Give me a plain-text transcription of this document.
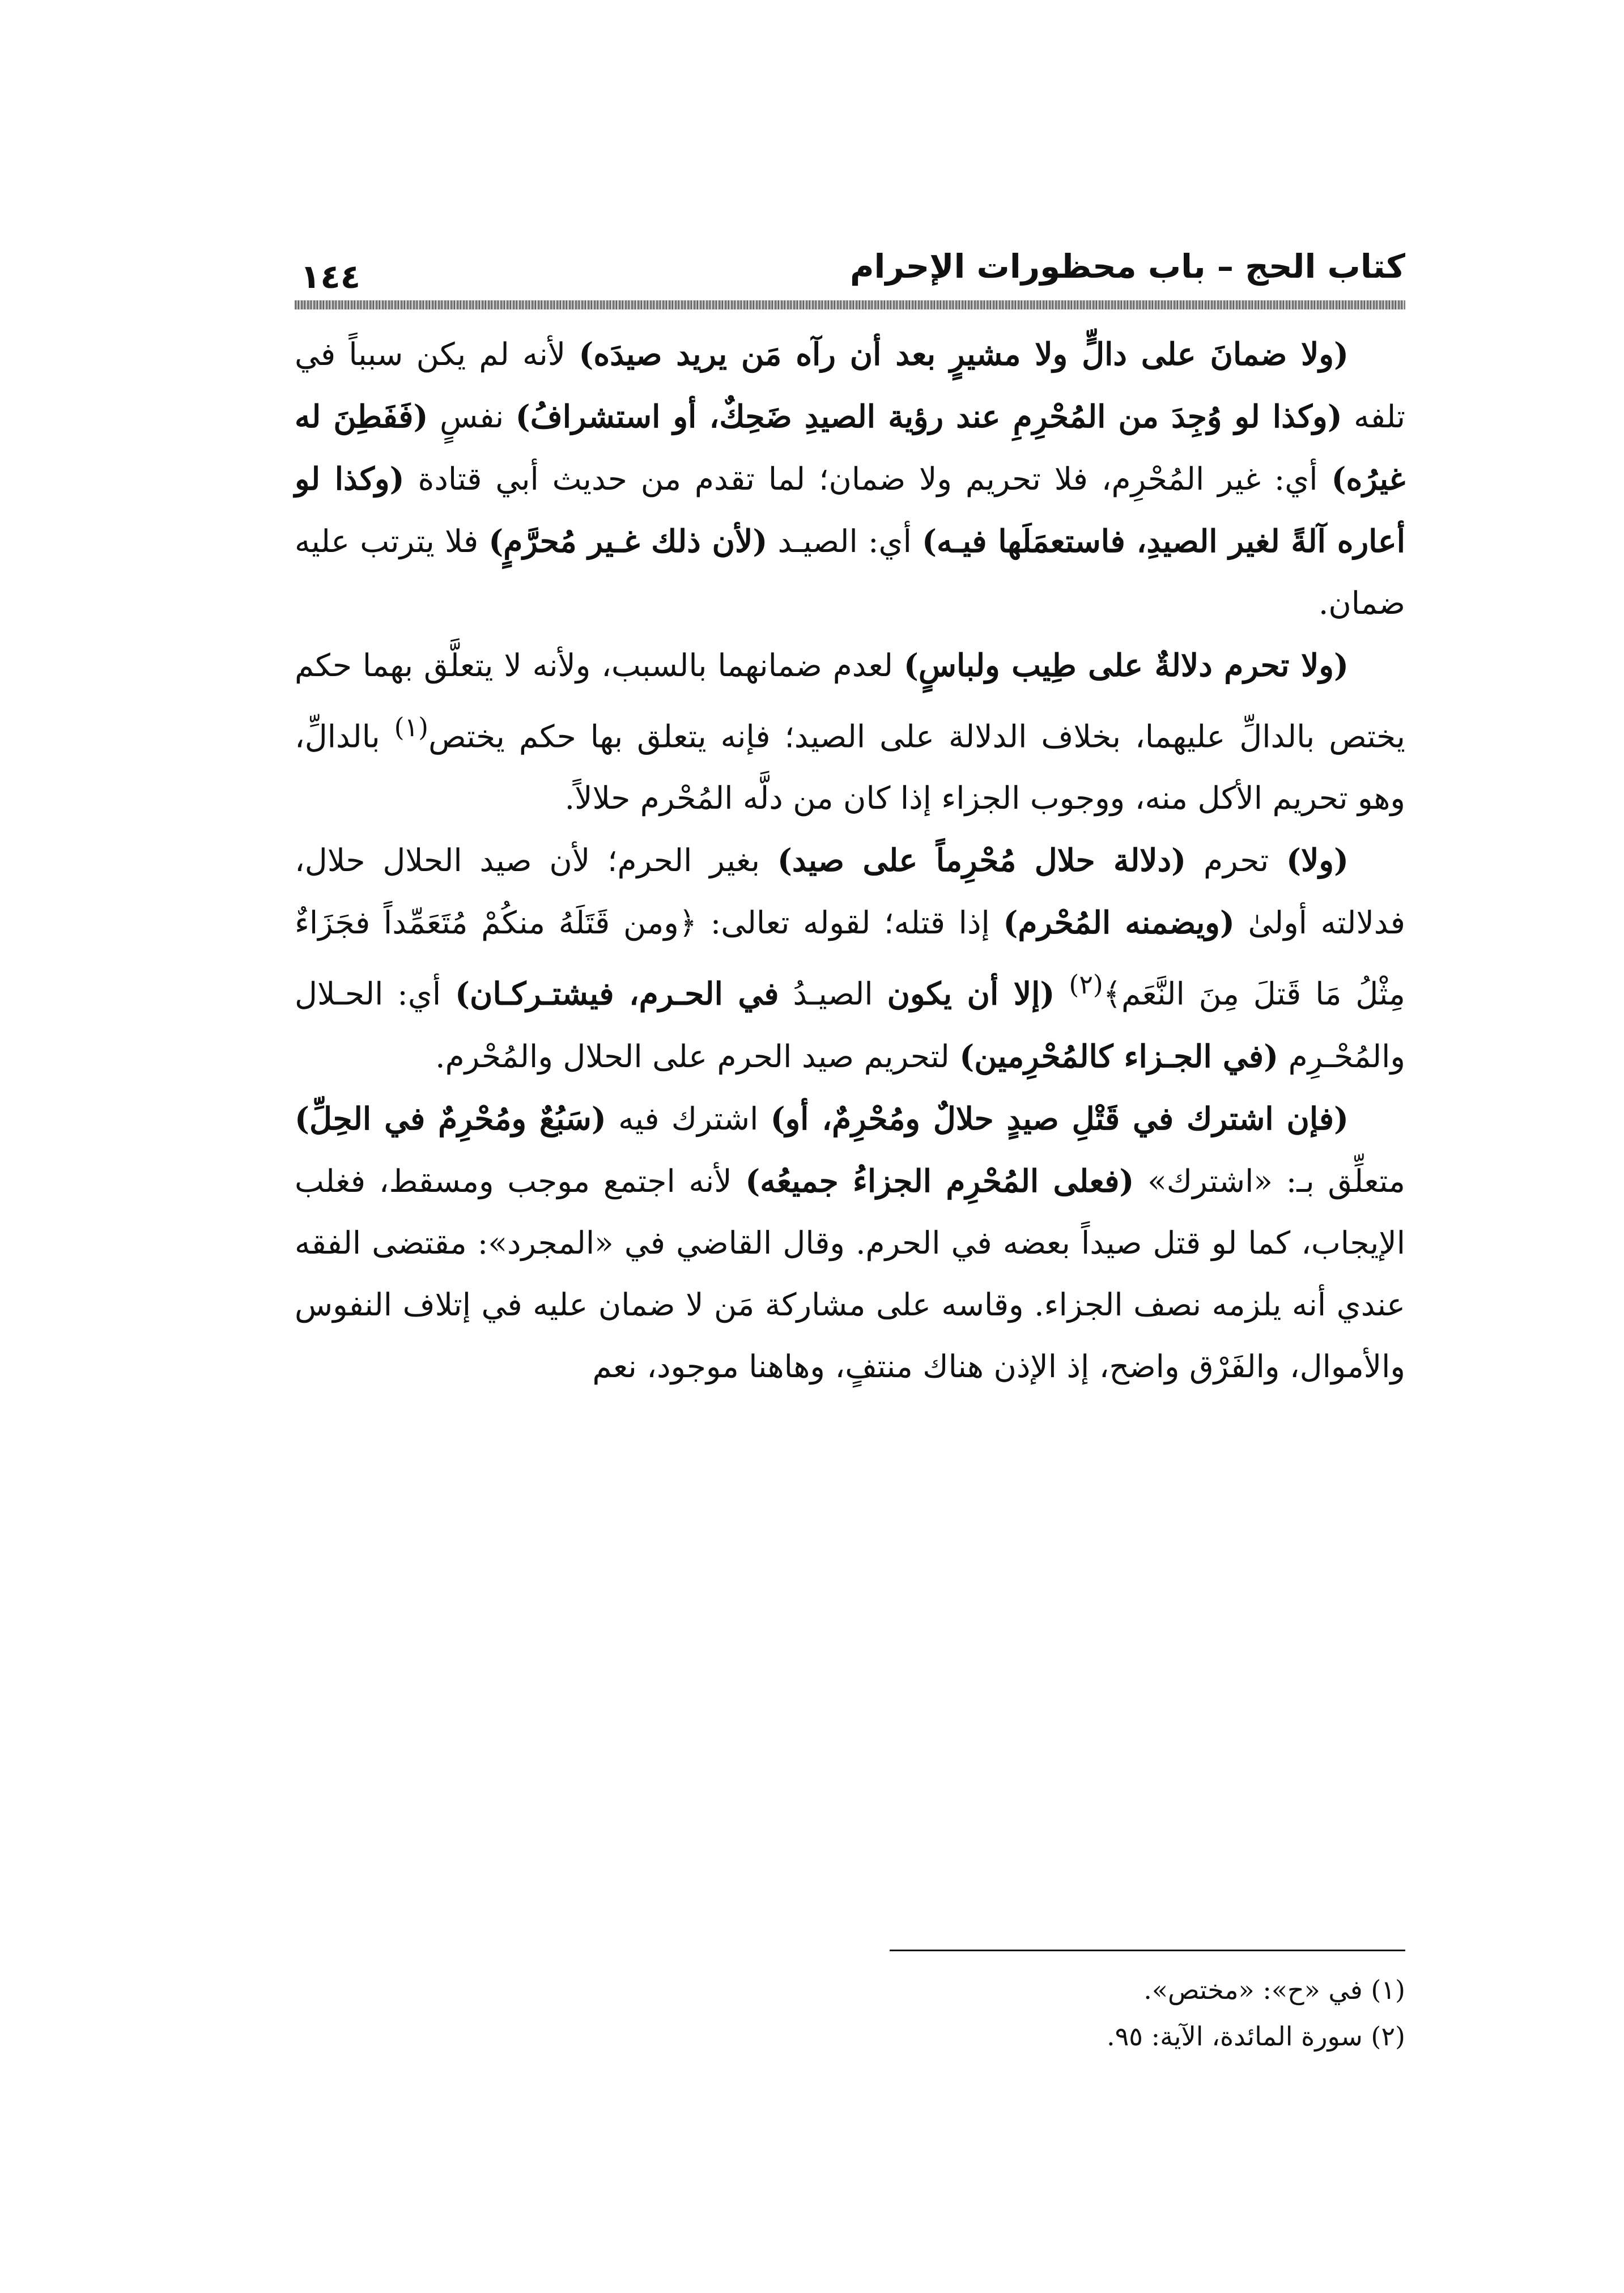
كتاب الحج – باب محظورات الإحرام
١٤٤

(ولا ضمانَ على دالٍّ ولا مشيرٍ بعد أن رآه مَن يريد صيدَه) لأنه لم يكن سبباً في تلفه (وكذا لو وُجِدَ من المُحْرِمِ عند رؤية الصيدِ ضَحِكٌ، أو استشرافُ) نفسٍ (فَفَطِنَ له غيرُه) أي: غير المُحْرِم، فلا تحريم ولا ضمان؛ لما تقدم من حديث أبي قتادة (وكذا لو أعاره آلةً لغير الصيدِ، فاستعمَلَها فيـه) أي: الصيـد (لأن ذلك غـير مُحرَّمٍ) فلا يترتب عليه ضمان.

(ولا تحرم دلالةٌ على طِيب ولباسٍ) لعدم ضمانهما بالسبب، ولأنه لا يتعلَّق بهما حكم يختص بالدالِّ عليهما، بخلاف الدلالة على الصيد؛ فإنه يتعلق بها حكم يختص$^{(١)}$ بالدالِّ، وهو تحريم الأكل منه، ووجوب الجزاء إذا كان من دلَّه المُحْرم حلالاً.

(ولا) تحرم (دلالة حلال مُحْرِماً على صيد) بغير الحرم؛ لأن صيد الحلال حلال، فدلالته أولىٰ (ويضمنه المُحْرم) إذا قتله؛ لقوله تعالى: ﴿ومن قَتَلَهُ منكُمْ مُتَعَمِّداً فجَزَاءٌ مِثْلُ مَا قَتلَ مِنَ النَّعَم﴾$^{(٢)}$ (إلا أن يكون الصيـدُ في الحـرم، فيشتـركـان) أي: الحـلال والمُحْـرِم (في الجـزاء كالمُحْرِمين) لتحريم صيد الحرم على الحلال والمُحْرم.

(فإن اشترك في قَتْلِ صيدٍ حلالٌ ومُحْرِمٌ، أو) اشترك فيه (سَبُعٌ ومُحْرِمٌ في الحِلِّ) متعلِّق بـ: «اشترك» (فعلى المُحْرِم الجزاءُ جميعُه) لأنه اجتمع موجب ومسقط، فغلب الإيجاب، كما لو قتل صيداً بعضه في الحرم. وقال القاضي في «المجرد»: مقتضى الفقه عندي أنه يلزمه نصف الجزاء. وقاسه على مشاركة مَن لا ضمان عليه في إتلاف النفوس والأموال، والفَرْق واضح، إذ الإذن هناك منتفٍ، وهاهنا موجود، نعم

(١) في «ح»: «مختص».
(٢) سورة المائدة، الآية: ٩٥.
